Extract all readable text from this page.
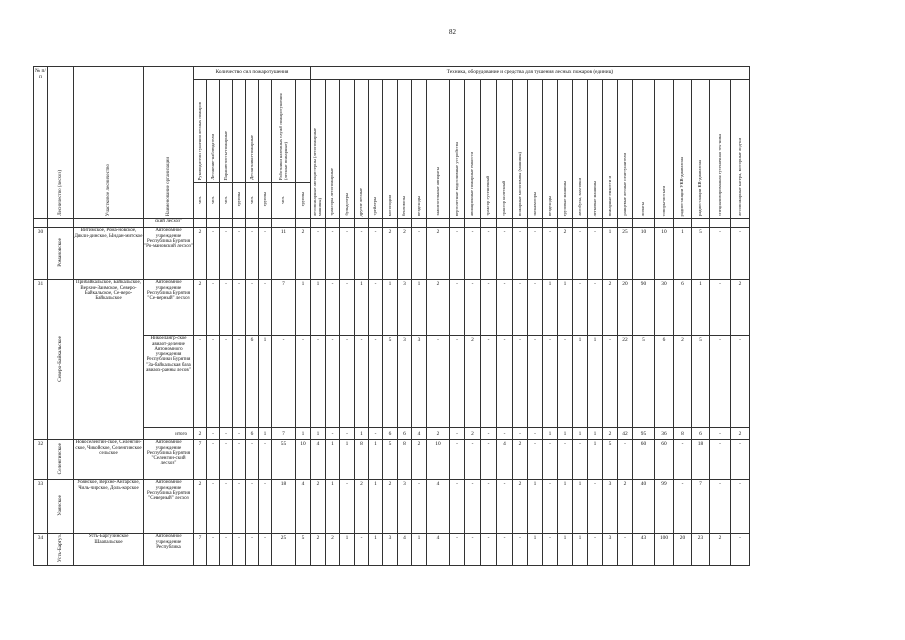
82
№ п/п	Лесничество (лесхоз)	Участковое лесничество	Наименование организации	Количество сил пожаротушения								Техника, оборудование и средства для тушения лесных пожаров (единиц)																										
				Руководители тушения лесных пожаров	Лесничие-наблюдатели	Парашютисты-пожарные		Десантники-пожарные		Работники наземных служб пожаротушения (лесные пожарные)		лесопожарные автоцистерны (лесопожарные машины)	тракторы лесопожарные	бульдозеры	другие лесные	трейлеры	мотоподии	бензовозы	вездеходы	зажигательные аппараты	вертолетные водосливные устройства	авиационные пожарные емкости	трактор гусеничный	трактор колесный	пожарные мотопомпы (машины)	экскаваторы	вездеходы	грузовые машины	автобусы, вахтовки	легковые машины	пожарные емкости и	ранцевые лесные огнетушители	лопаты	топоры-мотыги	радиостанции УКВ-диапазона	радиостанции КВ-диапазона	специализированная гусеничная тех-ника	лесопожарные катера, моторные лод-ки
				чел.	чел.	чел.	группы	чел.	группы	чел.	группы																											
			ский лесхоз"																																			
30	Романовское	Витимское, Рома-новское, Дякли-динское, Ындан-митское	Автономное учреждение Республика Бурятия "Ро-мановский лесхоз"	2	-	-	-	-	-	11	2	-	-	-	-	-	2	2	-	2	-	-	-	-	-	-	-	2	-	-	1	25	10	10	1	5	-	-
31	Северо-Байкальское	Прибайкальское, Байкальское, Верхне-Заимское, Северо-Байкальское, Се-веро-Байкальское	Автономное учреждение Республика Бурятия "Се-верный" лесхоз	2	-	-	-	-	-	7	1	1	-	-	1	-	1	3	1	2	-	-	-	-	-	-	1	1	-	-	2	20	90	30	6	1	-	2
			Никоелангр-ское авиаот-деление Автономного учреждения Республики Бурятия "За-байкальская база авиаох-ранны лесов"	-	-	-	-	6	1	-	-	-	-	-	-	-	5	3	3	-	-	2	-	-	-	-	-	-	1	1	-	22	5	6	2	5	-	-
			итого	2	-	-	-	6	1	7	1	1	-	-	1	-	6	6	4	2	-	2	-	-	-	-	1	1	1	1	2	42	95	36	8	6	-	2
32	Селенгинское	Новоселенгин-ское, Селенгин-ское, Чикойское, Селенгинское сельское	Автономное учреждение Республика Бурятия "Селенгин-ский лесхоз"	7	-	-	-	-	-	55	10	4	1	1	8	1	5	8	2	10	-	-	-	4	2	-	-	-	-	1	5	-	60	60	-	18	-	-
33	Уоянское	Уоянское, Верхне-Ангарское, Чиль-чирское, Доль-корское	Автономное учреждение Республика Бурятия "Северный" лесхоз	2	-	-	-	-	-	18	4	2	1	-	2	1	2	3	-	4	-	-	-	-	2	1	-	1	1	-	3	2	40	99	-	7	-	-
34	Усть-Баргуз.	Усть-Баргузинское Шаапальское	Автономное учреждение Республика	7	-	-	-	-	-	25	5	2	2	1	-	1	3	4	1	4	-	-	-	-	-	1	-	1	1	-	3	-	43	100	20	23	2	-
